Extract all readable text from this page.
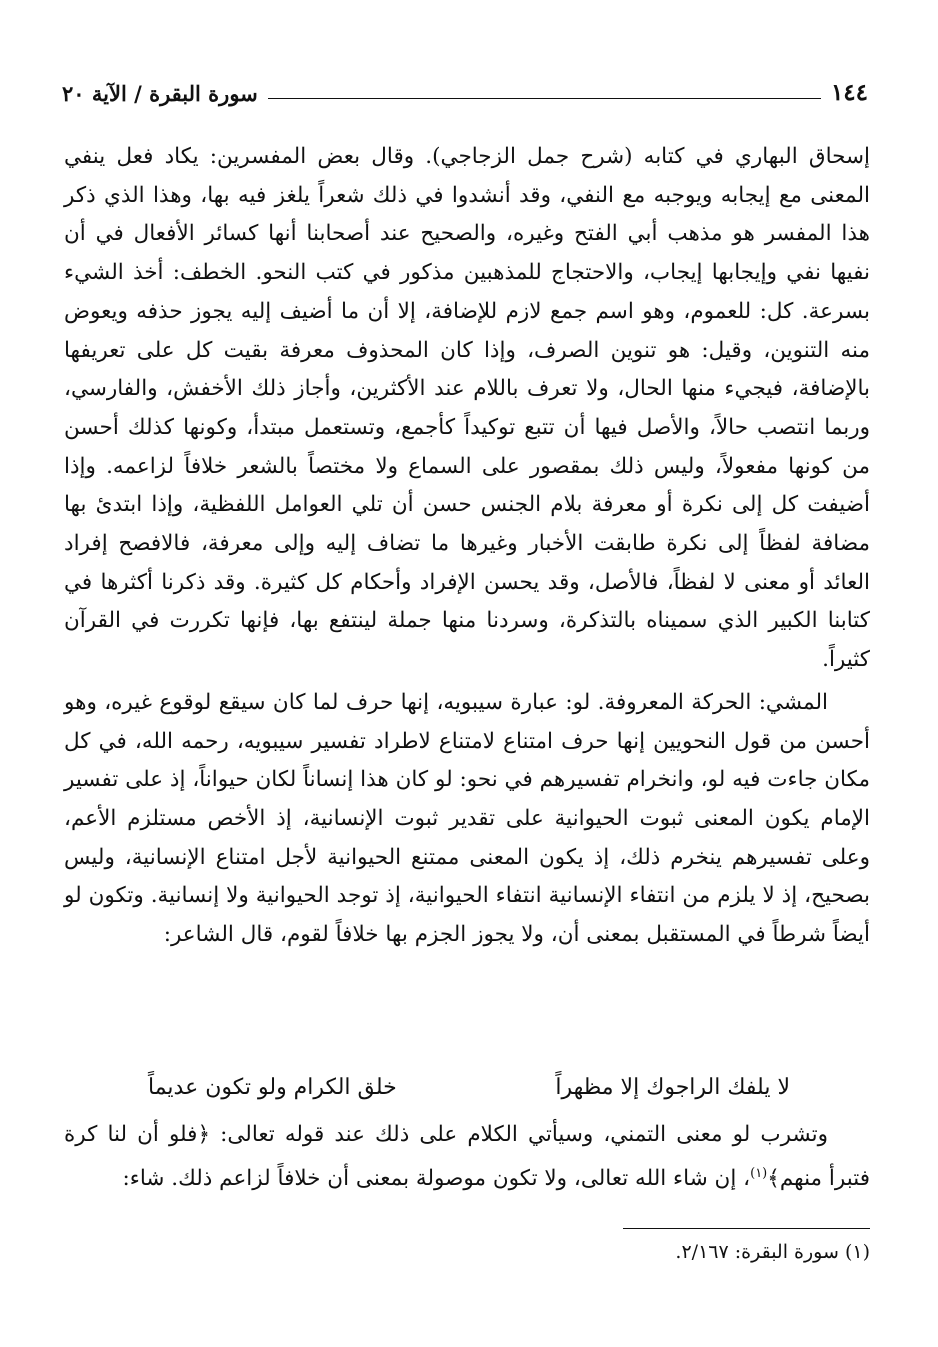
سورة البقرة / الآية ٢٠	١٤٤

إسحاق البهاري في كتابه (شرح جمل الزجاجي). وقال بعض المفسرين: يكاد فعل ينفي المعنى مع إيجابه ويوجبه مع النفي، وقد أنشدوا في ذلك شعراً يلغز فيه بها، وهذا الذي ذكر هذا المفسر هو مذهب أبي الفتح وغيره، والصحيح عند أصحابنا أنها كسائر الأفعال في أن نفيها نفي وإيجابها إيجاب، والاحتجاج للمذهبين مذكور في كتب النحو. الخطف: أخذ الشيء بسرعة. كل: للعموم، وهو اسم جمع لازم للإضافة، إلا أن ما أضيف إليه يجوز حذفه ويعوض منه التنوين، وقيل: هو تنوين الصرف، وإذا كان المحذوف معرفة بقيت كل على تعريفها بالإضافة، فيجيء منها الحال، ولا تعرف باللام عند الأكثرين، وأجاز ذلك الأخفش، والفارسي، وربما انتصب حالاً، والأصل فيها أن تتبع توكيداً كأجمع، وتستعمل مبتدأ، وكونها كذلك أحسن من كونها مفعولاً، وليس ذلك بمقصور على السماع ولا مختصاً بالشعر خلافاً لزاعمه. وإذا أضيفت كل إلى نكرة أو معرفة بلام الجنس حسن أن تلي العوامل اللفظية، وإذا ابتدئ بها مضافة لفظاً إلى نكرة طابقت الأخبار وغيرها ما تضاف إليه وإلى معرفة، فالافصح إفراد العائد أو معنى لا لفظاً، فالأصل، وقد يحسن الإفراد وأحكام كل كثيرة. وقد ذكرنا أكثرها في كتابنا الكبير الذي سميناه بالتذكرة، وسردنا منها جملة لينتفع بها، فإنها تكررت في القرآن كثيراً.

المشي: الحركة المعروفة. لو: عبارة سيبويه، إنها حرف لما كان سيقع لوقوع غيره، وهو أحسن من قول النحويين إنها حرف امتناع لامتناع لاطراد تفسير سيبويه، رحمه الله، في كل مكان جاءت فيه لو، وانخرام تفسيرهم في نحو: لو كان هذا إنساناً لكان حيواناً، إذ على تفسير الإمام يكون المعنى ثبوت الحيوانية على تقدير ثبوت الإنسانية، إذ الأخص مستلزم الأعم، وعلى تفسيرهم ينخرم ذلك، إذ يكون المعنى ممتنع الحيوانية لأجل امتناع الإنسانية، وليس بصحيح، إذ لا يلزم من انتفاء الإنسانية انتفاء الحيوانية، إذ توجد الحيوانية ولا إنسانية. وتكون لو أيضاً شرطاً في المستقبل بمعنى أن، ولا يجوز الجزم بها خلافاً لقوم، قال الشاعر:

لا يلفك الراجوك إلا مظهراً
خلق الكرام ولو تكون عديماً
وتشرب لو معنى التمني، وسيأتي الكلام على ذلك عند قوله تعالى: ﴿فلو أن لنا كرة فتبرأ منهم﴾$^{(١)}$، إن شاء الله تعالى، ولا تكون موصولة بمعنى أن خلافاً لزاعم ذلك. شاء:
(١) سورة البقرة: ٢/١٦٧.
